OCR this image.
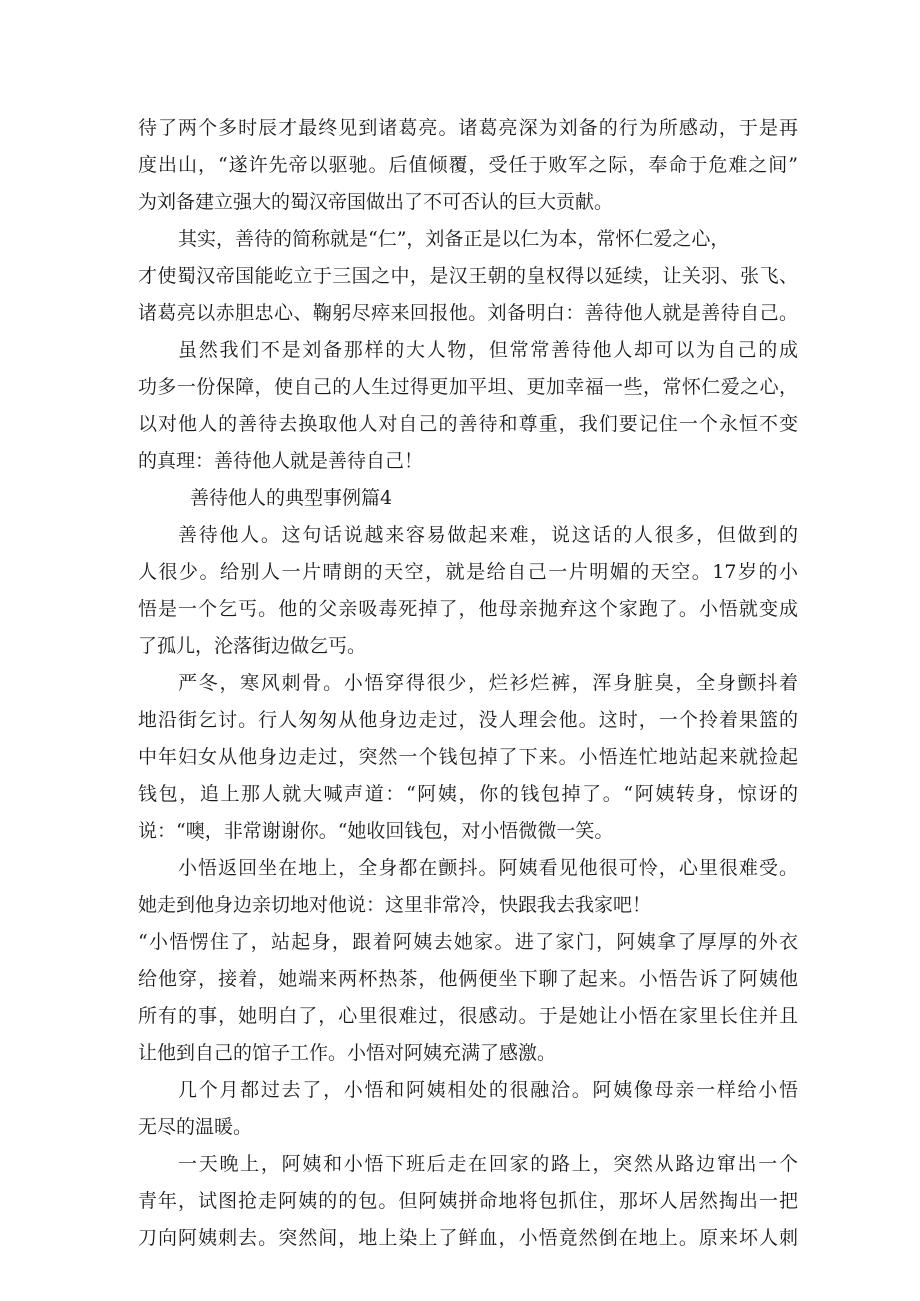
待了两个多时辰才最终见到诸葛亮。诸葛亮深为刘备的行为所感动，于是再
度出山，“遂许先帝以驱驰。后值倾覆，受任于败军之际，奉命于危难之间”
为刘备建立强大的蜀汉帝国做出了不可否认的巨大贡献。
其实，善待的简称就是“仁”，刘备正是以仁为本，常怀仁爱之心，
才使蜀汉帝国能屹立于三国之中，是汉王朝的皇权得以延续，让关羽、张飞、
诸葛亮以赤胆忠心、鞠躬尽瘁来回报他。刘备明白：善待他人就是善待自己。
虽然我们不是刘备那样的大人物，但常常善待他人却可以为自己的成
功多一份保障，使自己的人生过得更加平坦、更加幸福一些，常怀仁爱之心，
以对他人的善待去换取他人对自己的善待和尊重，我们要记住一个永恒不变
的真理：善待他人就是善待自己！
善待他人的典型事例篇4
善待他人。这句话说越来容易做起来难，说这话的人很多，但做到的
人很少。给别人一片晴朗的天空，就是给自己一片明媚的天空。17岁的小
悟是一个乞丐。他的父亲吸毒死掉了，他母亲抛弃这个家跑了。小悟就变成
了孤儿，沦落街边做乞丐。
严冬，寒风刺骨。小悟穿得很少，烂衫烂裤，浑身脏臭，全身颤抖着
地沿街乞讨。行人匆匆从他身边走过，没人理会他。这时，一个拎着果篮的
中年妇女从他身边走过，突然一个钱包掉了下来。小悟连忙地站起来就捡起
钱包，追上那人就大喊声道：“阿姨，你的钱包掉了。“阿姨转身，惊讶的
说：“噢，非常谢谢你。“她收回钱包，对小悟微微一笑。
小悟返回坐在地上，全身都在颤抖。阿姨看见他很可怜，心里很难受。
她走到他身边亲切地对他说：这里非常冷，快跟我去我家吧！
“小悟愣住了，站起身，跟着阿姨去她家。进了家门，阿姨拿了厚厚的外衣
给他穿，接着，她端来两杯热茶，他俩便坐下聊了起来。小悟告诉了阿姨他
所有的事，她明白了，心里很难过，很感动。于是她让小悟在家里长住并且
让他到自己的馆子工作。小悟对阿姨充满了感激。
几个月都过去了，小悟和阿姨相处的很融洽。阿姨像母亲一样给小悟
无尽的温暖。
一天晚上，阿姨和小悟下班后走在回家的路上，突然从路边窜出一个
青年，试图抢走阿姨的的包。但阿姨拼命地将包抓住，那坏人居然掏出一把
刀向阿姨刺去。突然间，地上染上了鲜血，小悟竟然倒在地上。原来坏人刺
